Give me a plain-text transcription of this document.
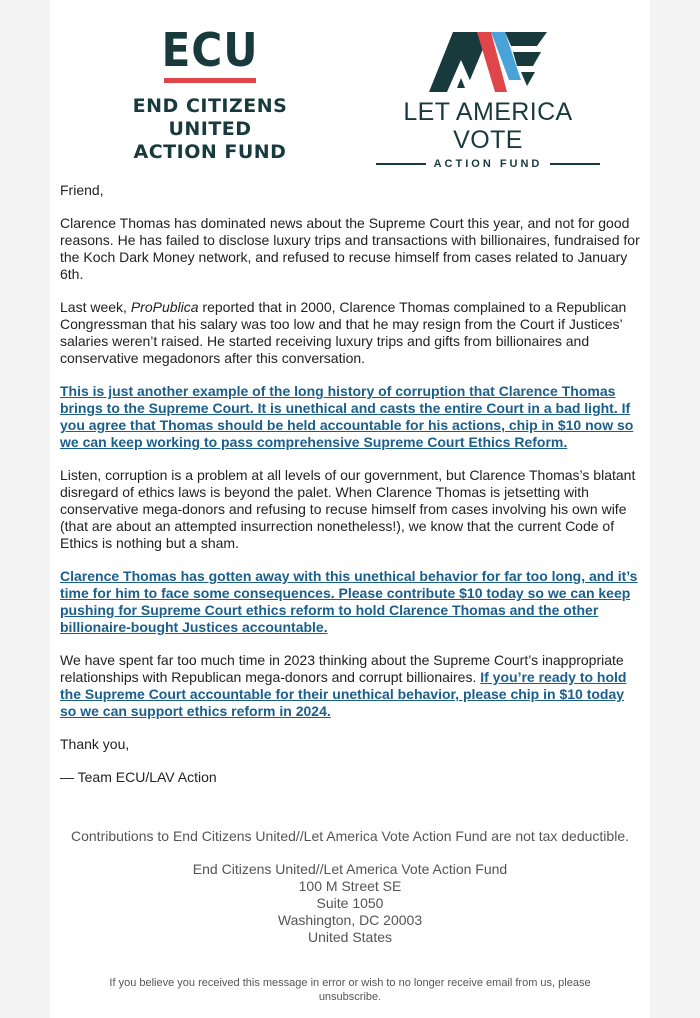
ECU
END CITIZENS UNITED
ACTION FUND
LET AMERICA VOTE
ACTION FUND

Friend,

Clarence Thomas has dominated news about the Supreme Court this year, and not for good reasons. He has failed to disclose luxury trips and transactions with billionaires, fundraised for the Koch Dark Money network, and refused to recuse himself from cases related to January 6th.

Last week, ProPublica reported that in 2000, Clarence Thomas complained to a Republican Congressman that his salary was too low and that he may resign from the Court if Justices’ salaries weren’t raised. He started receiving luxury trips and gifts from billionaires and conservative megadonors after this conversation.

This is just another example of the long history of corruption that Clarence Thomas brings to the Supreme Court. It is unethical and casts the entire Court in a bad light. If you agree that Thomas should be held accountable for his actions, chip in $10 now so we can keep working to pass comprehensive Supreme Court Ethics Reform.

Listen, corruption is a problem at all levels of our government, but Clarence Thomas’s blatant disregard of ethics laws is beyond the palet. When Clarence Thomas is jetsetting with conservative mega-donors and refusing to recuse himself from cases involving his own wife (that are about an attempted insurrection nonetheless!), we know that the current Code of Ethics is nothing but a sham.

Clarence Thomas has gotten away with this unethical behavior for far too long, and it’s time for him to face some consequences. Please contribute $10 today so we can keep pushing for Supreme Court ethics reform to hold Clarence Thomas and the other billionaire-bought Justices accountable.

We have spent far too much time in 2023 thinking about the Supreme Court’s inappropriate relationships with Republican mega-donors and corrupt billionaires. If you’re ready to hold the Supreme Court accountable for their unethical behavior, please chip in $10 today so we can support ethics reform in 2024.

Thank you,

— Team ECU/LAV Action

Contributions to End Citizens United//Let America Vote Action Fund are not tax deductible.
End Citizens United//Let America Vote Action Fund
100 M Street SE
Suite 1050
Washington, DC 20003
United States
If you believe you received this message in error or wish to no longer receive email from us, please unsubscribe.
